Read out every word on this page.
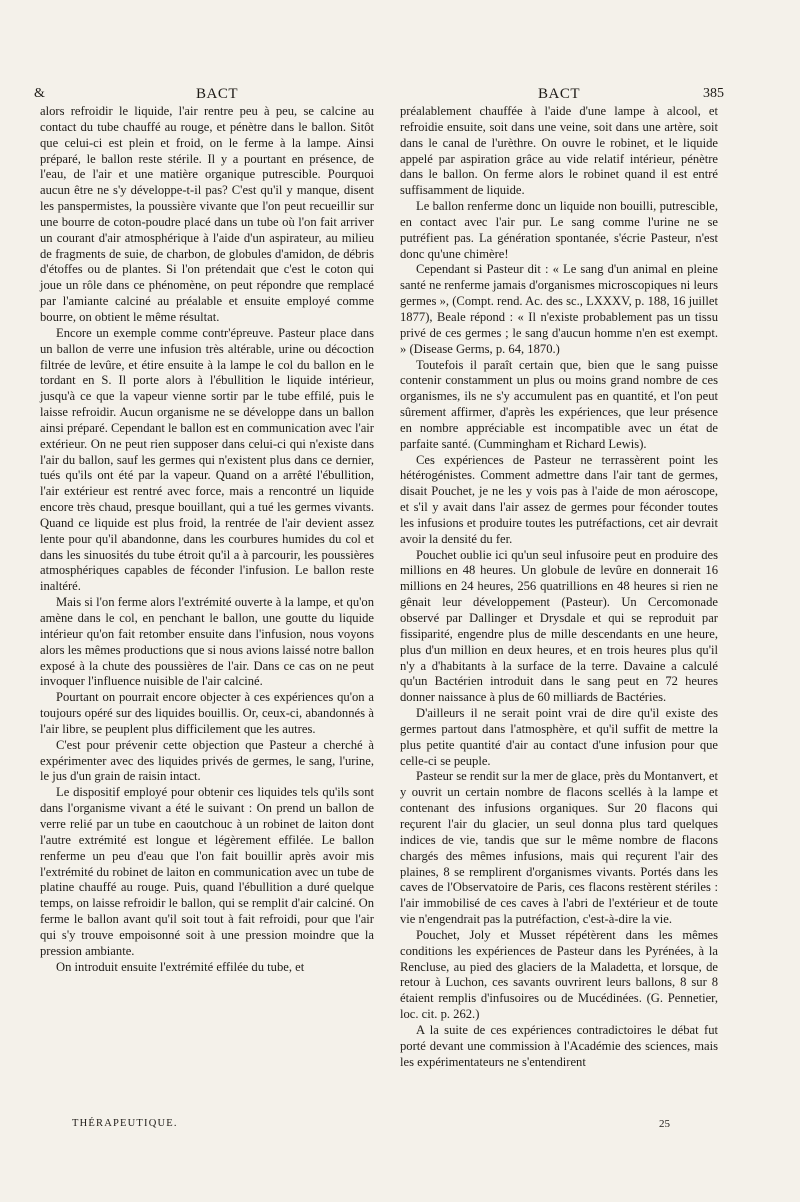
&	BACT	BACT	385

alors refroidir le liquide, l'air rentre peu à peu, se calcine au contact du tube chauffé au rouge, et pénètre dans le ballon. Sitôt que celui-ci est plein et froid, on le ferme à la lampe. Ainsi préparé, le ballon reste stérile. Il y a pourtant en présence, de l'eau, de l'air et une matière organique putrescible. Pourquoi aucun être ne s'y développe-t-il pas? C'est qu'il y manque, disent les panspermistes, la poussière vivante que l'on peut recueillir sur une bourre de coton-poudre placé dans un tube où l'on fait arriver un courant d'air atmosphérique à l'aide d'un aspirateur, au milieu de fragments de suie, de charbon, de globules d'amidon, de débris d'étoffes ou de plantes. Si l'on prétendait que c'est le coton qui joue un rôle dans ce phénomène, on peut répondre que remplacé par l'amiante calciné au préalable et ensuite employé comme bourre, on obtient le même résultat.

Encore un exemple comme contr'épreuve. Pasteur place dans un ballon de verre une infusion très altérable, urine ou décoction filtrée de levûre, et étire ensuite à la lampe le col du ballon en le tordant en S. Il porte alors à l'ébullition le liquide intérieur, jusqu'à ce que la vapeur vienne sortir par le tube effilé, puis le laisse refroidir. Aucun organisme ne se développe dans un ballon ainsi préparé. Cependant le ballon est en communication avec l'air extérieur. On ne peut rien supposer dans celui-ci qui n'existe dans l'air du ballon, sauf les germes qui n'existent plus dans ce dernier, tués qu'ils ont été par la vapeur. Quand on a arrêté l'ébullition, l'air extérieur est rentré avec force, mais a rencontré un liquide encore très chaud, presque bouillant, qui a tué les germes vivants. Quand ce liquide est plus froid, la rentrée de l'air devient assez lente pour qu'il abandonne, dans les courbures humides du col et dans les sinuosités du tube étroit qu'il a à parcourir, les poussières atmosphériques capables de féconder l'infusion. Le ballon reste inaltéré.

Mais si l'on ferme alors l'extrémité ouverte à la lampe, et qu'on amène dans le col, en penchant le ballon, une goutte du liquide intérieur qu'on fait retomber ensuite dans l'infusion, nous voyons alors les mêmes productions que si nous avions laissé notre ballon exposé à la chute des poussières de l'air. Dans ce cas on ne peut invoquer l'influence nuisible de l'air calciné.

Pourtant on pourrait encore objecter à ces expériences qu'on a toujours opéré sur des liquides bouillis. Or, ceux-ci, abandonnés à l'air libre, se peuplent plus difficilement que les autres.

C'est pour prévenir cette objection que Pasteur a cherché à expérimenter avec des liquides privés de germes, le sang, l'urine, le jus d'un grain de raisin intact.

Le dispositif employé pour obtenir ces liquides tels qu'ils sont dans l'organisme vivant a été le suivant : On prend un ballon de verre relié par un tube en caoutchouc à un robinet de laiton dont l'autre extrémité est longue et légèrement effilée. Le ballon renferme un peu d'eau que l'on fait bouillir après avoir mis l'extrémité du robinet de laiton en communication avec un tube de platine chauffé au rouge. Puis, quand l'ébullition a duré quelque temps, on laisse refroidir le ballon, qui se remplit d'air calciné. On ferme le ballon avant qu'il soit tout à fait refroidi, pour que l'air qui s'y trouve empoisonné soit à une pression moindre que la pression ambiante.

On introduit ensuite l'extrémité effilée du tube, et

préalablement chauffée à l'aide d'une lampe à alcool, et refroidie ensuite, soit dans une veine, soit dans une artère, soit dans le canal de l'urèthre. On ouvre le robinet, et le liquide appelé par aspiration grâce au vide relatif intérieur, pénètre dans le ballon. On ferme alors le robinet quand il est entré suffisamment de liquide.

Le ballon renferme donc un liquide non bouilli, putrescible, en contact avec l'air pur. Le sang comme l'urine ne se putréfient pas. La génération spontanée, s'écrie Pasteur, n'est donc qu'une chimère!

Cependant si Pasteur dit : « Le sang d'un animal en pleine santé ne renferme jamais d'organismes microscopiques ni leurs germes », (Compt. rend. Ac. des sc., LXXXV, p. 188, 16 juillet 1877), Beale répond : « Il n'existe probablement pas un tissu privé de ces germes ; le sang d'aucun homme n'en est exempt. » (Disease Germs, p. 64, 1870.)

Toutefois il paraît certain que, bien que le sang puisse contenir constamment un plus ou moins grand nombre de ces organismes, ils ne s'y accumulent pas en quantité, et l'on peut sûrement affirmer, d'après les expériences, que leur présence en nombre appréciable est incompatible avec un état de parfaite santé. (Cummingham et Richard Lewis).

Ces expériences de Pasteur ne terrassèrent point les hétérogénistes. Comment admettre dans l'air tant de germes, disait Pouchet, je ne les y vois pas à l'aide de mon aéroscope, et s'il y avait dans l'air assez de germes pour féconder toutes les infusions et produire toutes les putréfactions, cet air devrait avoir la densité du fer.

Pouchet oublie ici qu'un seul infusoire peut en produire des millions en 48 heures. Un globule de levûre en donnerait 16 millions en 24 heures, 256 quatrillions en 48 heures si rien ne gênait leur développement (Pasteur). Un Cercomonade observé par Dallinger et Drysdale et qui se reproduit par fissiparité, engendre plus de mille descendants en une heure, plus d'un million en deux heures, et en trois heures plus qu'il n'y a d'habitants à la surface de la terre. Davaine a calculé qu'un Bactérien introduit dans le sang peut en 72 heures donner naissance à plus de 60 milliards de Bactéries.

D'ailleurs il ne serait point vrai de dire qu'il existe des germes partout dans l'atmosphère, et qu'il suffit de mettre la plus petite quantité d'air au contact d'une infusion pour que celle-ci se peuple.

Pasteur se rendit sur la mer de glace, près du Montanvert, et y ouvrit un certain nombre de flacons scellés à la lampe et contenant des infusions organiques. Sur 20 flacons qui reçurent l'air du glacier, un seul donna plus tard quelques indices de vie, tandis que sur le même nombre de flacons chargés des mêmes infusions, mais qui reçurent l'air des plaines, 8 se remplirent d'organismes vivants. Portés dans les caves de l'Observatoire de Paris, ces flacons restèrent stériles : l'air immobilisé de ces caves à l'abri de l'extérieur et de toute vie n'engendrait pas la putréfaction, c'est-à-dire la vie.

Pouchet, Joly et Musset répétèrent dans les mêmes conditions les expériences de Pasteur dans les Pyrénées, à la Rencluse, au pied des glaciers de la Maladetta, et lorsque, de retour à Luchon, ces savants ouvrirent leurs ballons, 8 sur 8 étaient remplis d'infusoires ou de Mucédinées. (G. Pennetier, loc. cit. p. 262.)

A la suite de ces expériences contradictoires le débat fut porté devant une commission à l'Académie des sciences, mais les expérimentateurs ne s'entendirent

THÉRAPEUTIQUE.	25
